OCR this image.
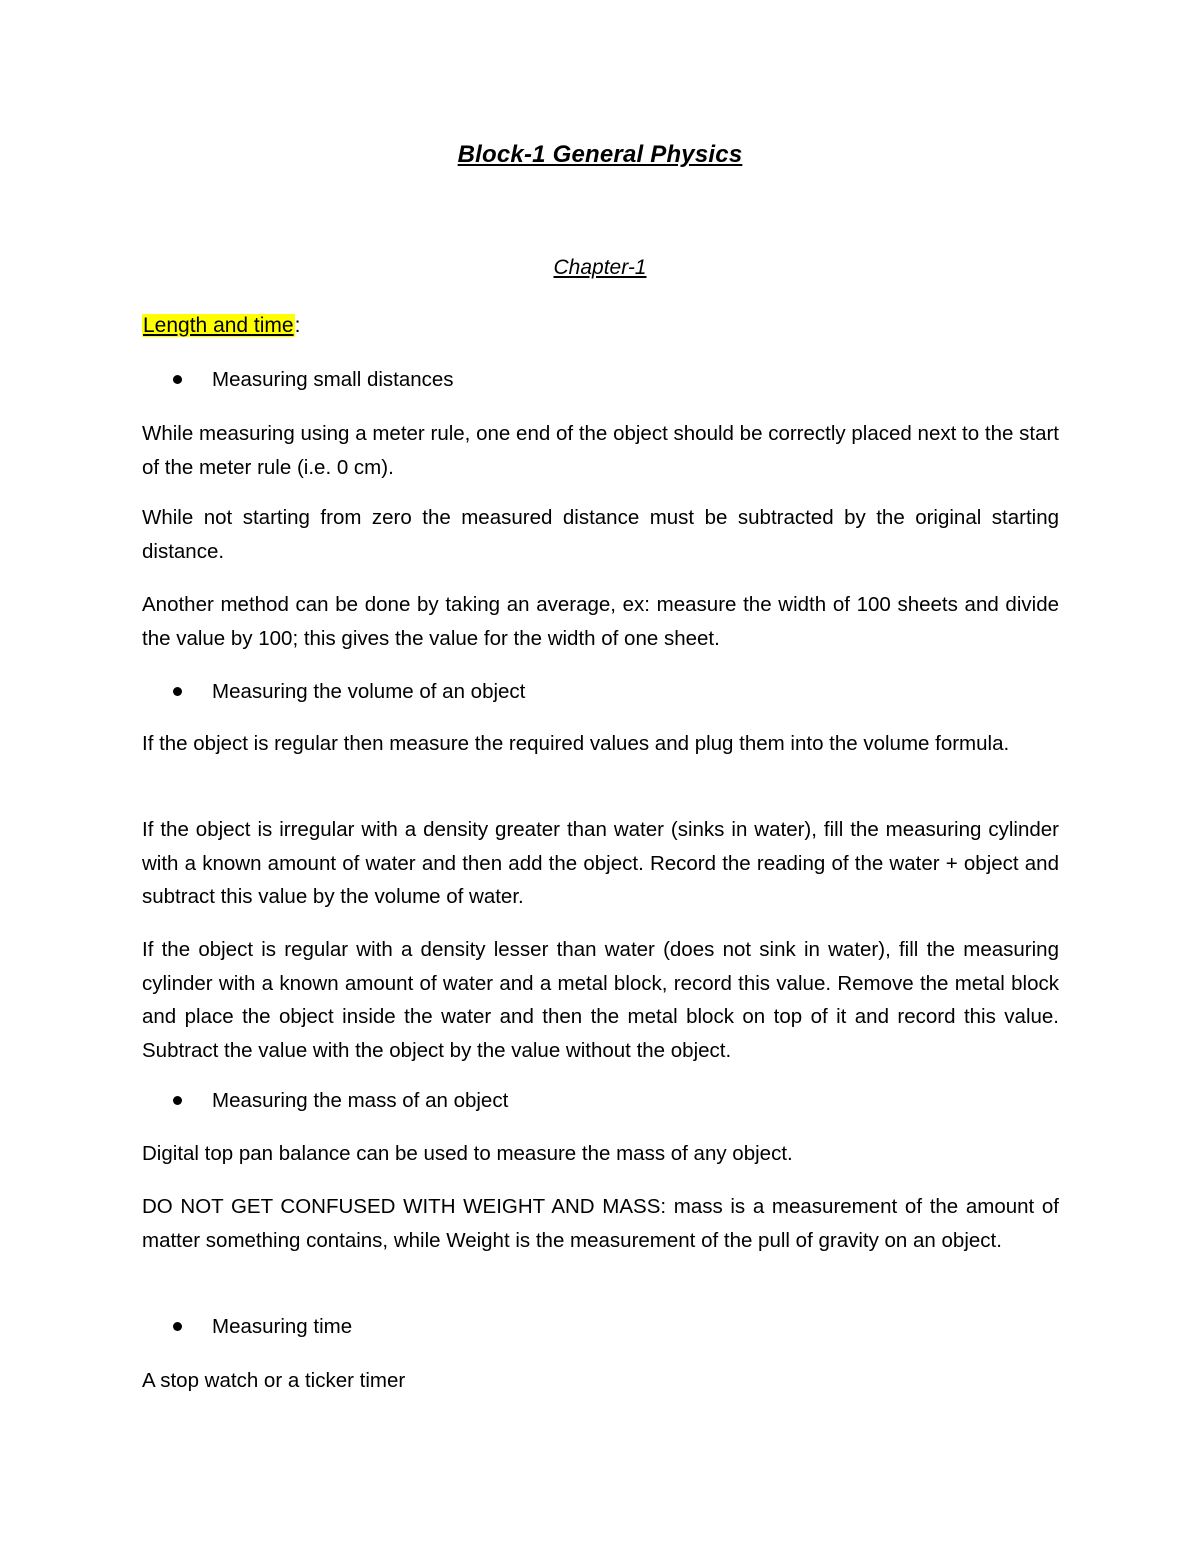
Block-1 General Physics
Chapter-1
Length and time:
Measuring small distances
While measuring using a meter rule, one end of the object should be correctly placed next to the start of the meter rule (i.e. 0 cm).
While not starting from zero the measured distance must be subtracted by the original starting distance.
Another method can be done by taking an average, ex: measure the width of 100 sheets and divide the value by 100; this gives the value for the width of one sheet.
Measuring the volume of an object
If the object is regular then measure the required values and plug them into the volume formula.
If the object is irregular with a density greater than water (sinks in water), fill the measuring cylinder with a known amount of water and then add the object. Record the reading of the water + object and subtract this value by the volume of water.
If the object is regular with a density lesser than water (does not sink in water), fill the measuring cylinder with a known amount of water and a metal block, record this value. Remove the metal block and place the object inside the water and then the metal block on top of it and record this value. Subtract the value with the object by the value without the object.
Measuring the mass of an object
Digital top pan balance can be used to measure the mass of any object.
DO NOT GET CONFUSED WITH WEIGHT AND MASS: mass is a measurement of the amount of matter something contains, while Weight is the measurement of the pull of gravity on an object.
Measuring time
A stop watch or a ticker timer
